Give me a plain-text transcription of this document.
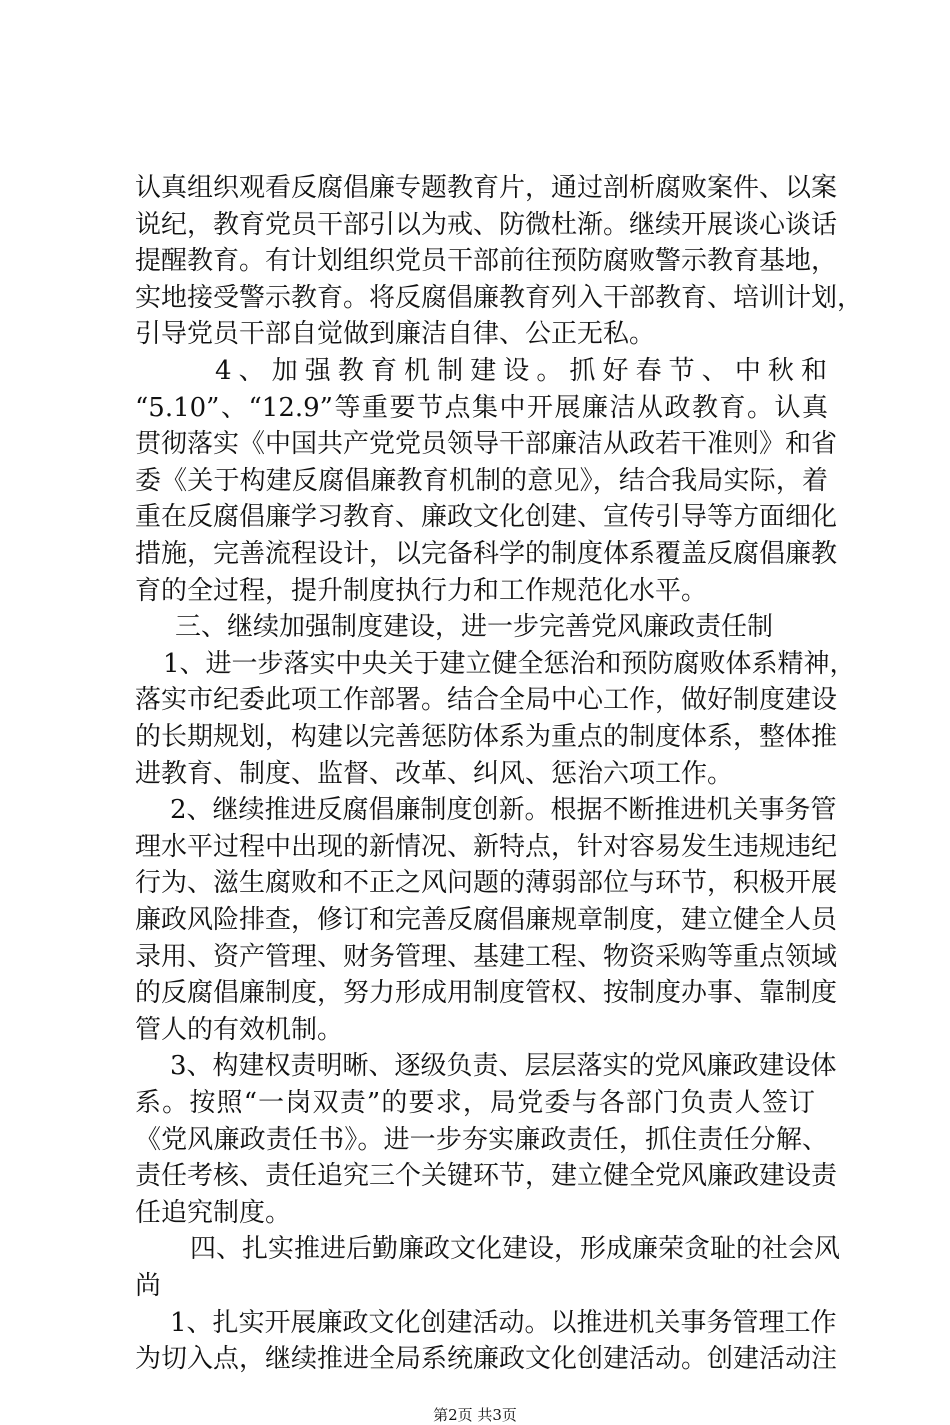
认真组织观看反腐倡廉专题教育片，通过剖析腐败案件、以案
说纪，教育党员干部引以为戒、防微杜渐。继续开展谈心谈话
提醒教育。有计划组织党员干部前往预防腐败警示教育基地，
实地接受警示教育。将反腐倡廉教育列入干部教育、培训计划，
引导党员干部自觉做到廉洁自律、公正无私。
4、加强教育机制建设。抓好春节、中秋和
“5.10”、“12.9”等重要节点集中开展廉洁从政教育。认真
贯彻落实《中国共产党党员领导干部廉洁从政若干准则》和省
委《关于构建反腐倡廉教育机制的意见》，结合我局实际，着
重在反腐倡廉学习教育、廉政文化创建、宣传引导等方面细化
措施，完善流程设计，以完备科学的制度体系覆盖反腐倡廉教
育的全过程，提升制度执行力和工作规范化水平。
三、继续加强制度建设，进一步完善党风廉政责任制
1、进一步落实中央关于建立健全惩治和预防腐败体系精神，
落实市纪委此项工作部署。结合全局中心工作，做好制度建设
的长期规划，构建以完善惩防体系为重点的制度体系，整体推
进教育、制度、监督、改革、纠风、惩治六项工作。
2、继续推进反腐倡廉制度创新。根据不断推进机关事务管
理水平过程中出现的新情况、新特点，针对容易发生违规违纪
行为、滋生腐败和不正之风问题的薄弱部位与环节，积极开展
廉政风险排查，修订和完善反腐倡廉规章制度，建立健全人员
录用、资产管理、财务管理、基建工程、物资采购等重点领域
的反腐倡廉制度，努力形成用制度管权、按制度办事、靠制度
管人的有效机制。
3、构建权责明晰、逐级负责、层层落实的党风廉政建设体
系。按照“一岗双责”的要求，局党委与各部门负责人签订
《党风廉政责任书》。进一步夯实廉政责任，抓住责任分解、
责任考核、责任追究三个关键环节，建立健全党风廉政建设责
任追究制度。
四、扎实推进后勤廉政文化建设，形成廉荣贪耻的社会风
尚
1、扎实开展廉政文化创建活动。以推进机关事务管理工作
为切入点，继续推进全局系统廉政文化创建活动。创建活动注
第2页 共3页
